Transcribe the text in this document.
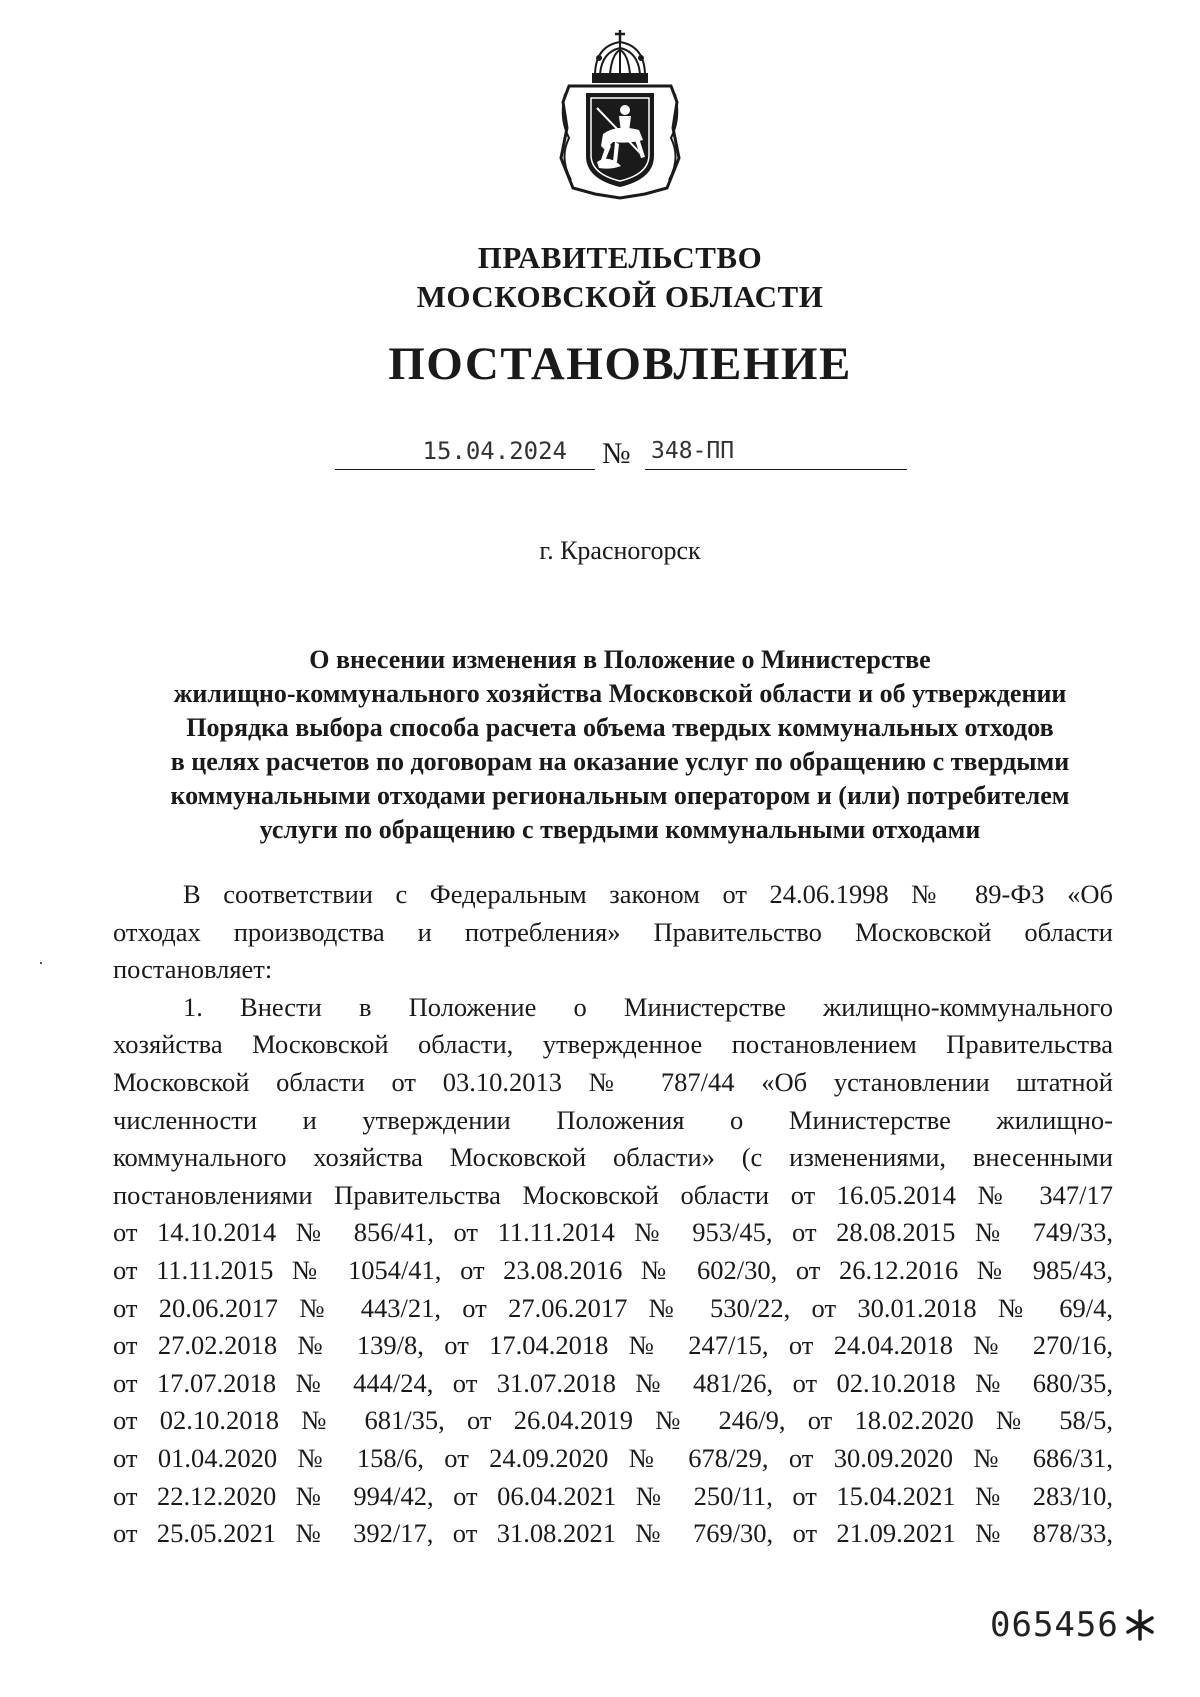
ПРАВИТЕЛЬСТВО
МОСКОВСКОЙ ОБЛАСТИ
ПОСТАНОВЛЕНИЕ
15.04.2024	№ 348-ПП
г. Красногорск
О внесении изменения в Положение о Министерстве
жилищно-коммунального хозяйства Московской области и об утверждении
Порядка выбора способа расчета объема твердых коммунальных отходов
в целях расчетов по договорам на оказание услуг по обращению с твердыми
коммунальными отходами региональным оператором и (или) потребителем
услуги по обращению с твердыми коммунальными отходами
В соответствии с Федеральным законом от 24.06.1998 № 89-ФЗ «Об
отходах производства и потребления» Правительство Московской области
постановляет:
1. Внести в Положение о Министерстве жилищно-коммунального
хозяйства Московской области, утвержденное постановлением Правительства
Московской области от 03.10.2013 № 787/44 «Об установлении штатной
численности и утверждении Положения о Министерстве жилищно-
коммунального хозяйства Московской области» (с изменениями, внесенными
постановлениями Правительства Московской области от 16.05.2014 № 347/17
от 14.10.2014 № 856/41, от 11.11.2014 № 953/45, от 28.08.2015 № 749/33,
от 11.11.2015 № 1054/41, от 23.08.2016 № 602/30, от 26.12.2016 № 985/43,
от 20.06.2017 № 443/21, от 27.06.2017 № 530/22, от 30.01.2018 № 69/4,
от 27.02.2018 № 139/8, от 17.04.2018 № 247/15, от 24.04.2018 № 270/16,
от 17.07.2018 № 444/24, от 31.07.2018 № 481/26, от 02.10.2018 № 680/35,
от 02.10.2018 № 681/35, от 26.04.2019 № 246/9, от 18.02.2020 № 58/5,
от 01.04.2020 № 158/6, от 24.09.2020 № 678/29, от 30.09.2020 № 686/31,
от 22.12.2020 № 994/42, от 06.04.2021 № 250/11, от 15.04.2021 № 283/10,
от 25.05.2021 № 392/17, от 31.08.2021 № 769/30, от 21.09.2021 № 878/33,
065456
